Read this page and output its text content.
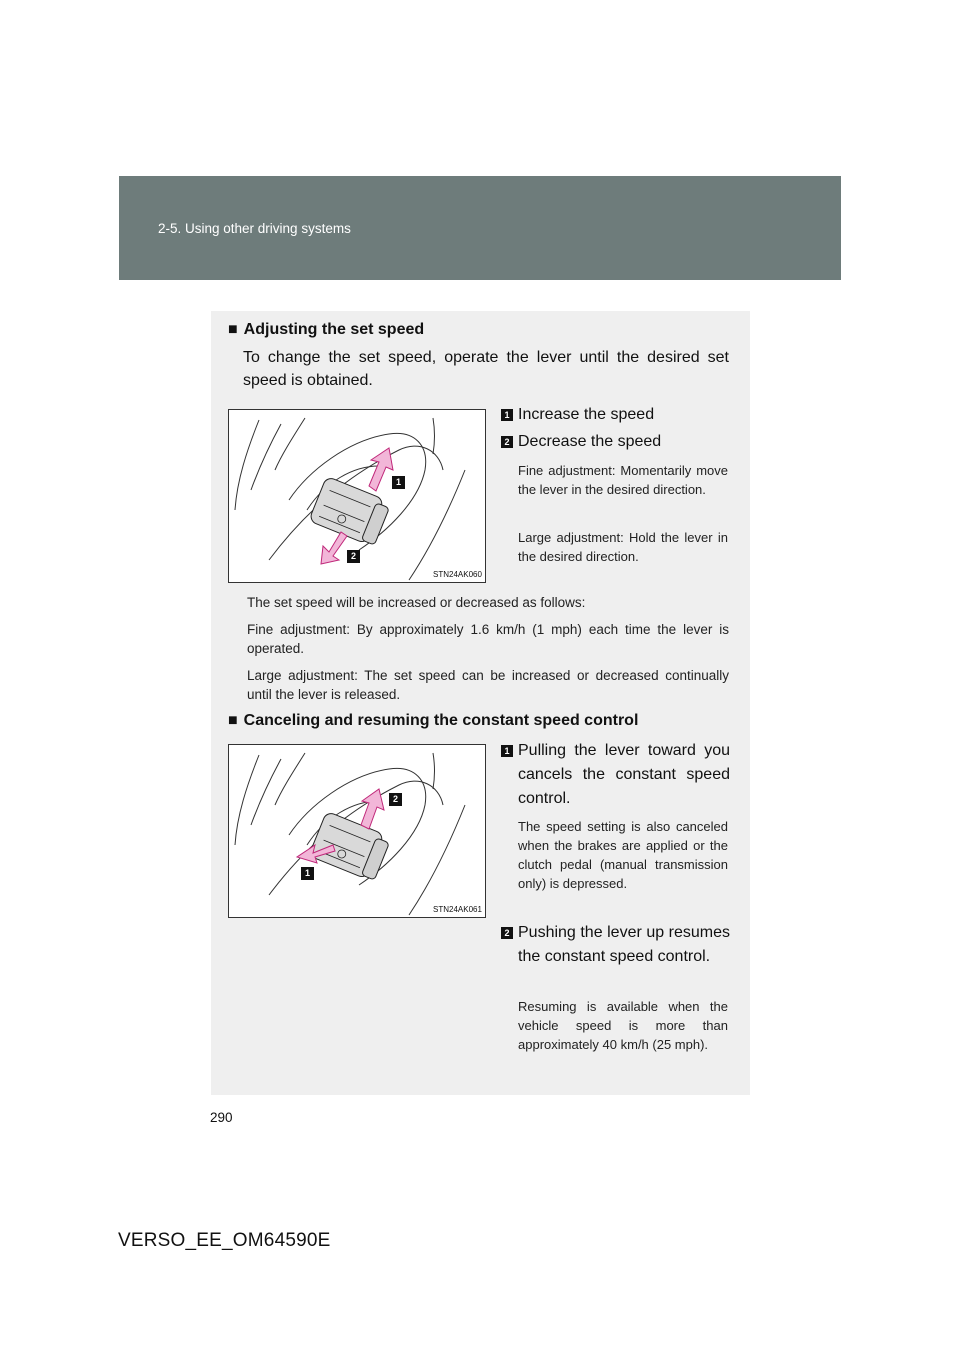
2-5. Using other driving systems
■ Adjusting the set speed
To change the set speed, operate the lever until the desired set speed is obtained.
1
2
STN24AK060
1 Increase the speed
2 Decrease the speed
Fine adjustment: Momentarily move the lever in the desired direction.
Large adjustment: Hold the lever in the desired direction.
The set speed will be increased or decreased as follows:
Fine adjustment: By approximately 1.6 km/h (1 mph) each time the lever is operated.
Large adjustment: The set speed can be increased or decreased continually until the lever is released.
■ Canceling and resuming the constant speed control
2
1
STN24AK061
1 Pulling the lever toward you cancels the constant speed control.
The speed setting is also canceled when the brakes are applied or the clutch pedal (manual transmission only) is depressed.
2 Pushing the lever up resumes the constant speed control.
Resuming is available when the vehicle speed is more than approximately 40 km/h (25 mph).
290
VERSO_EE_OM64590E
